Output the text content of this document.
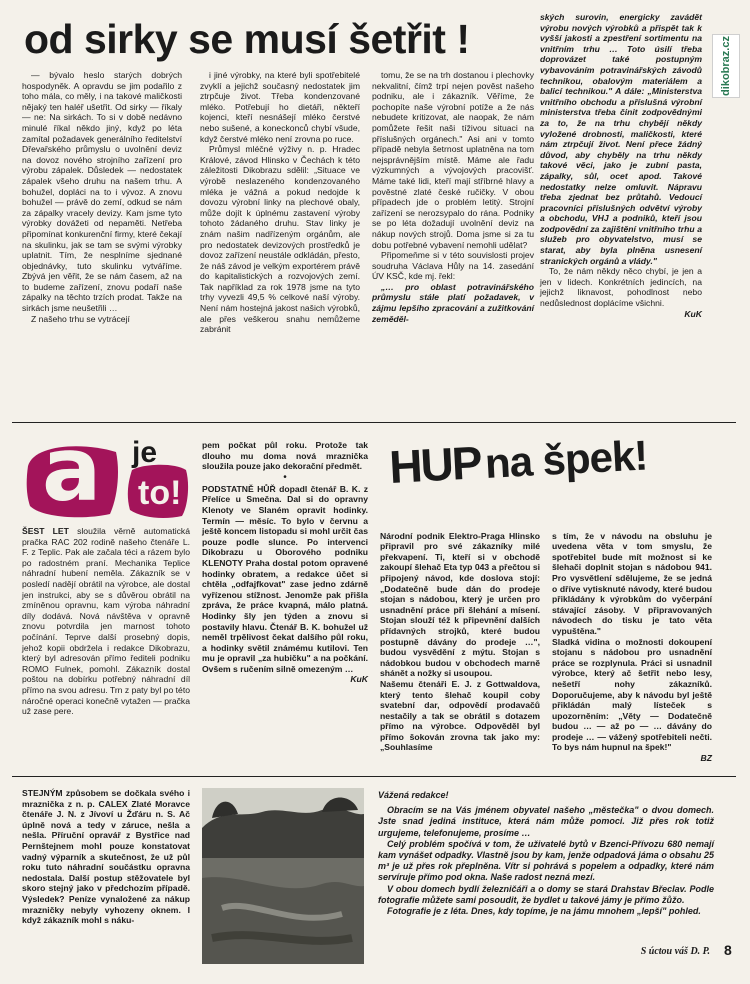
od sirky se musí šetřit !	dikobraz.cz

— bývalo heslo starých dobrých hospodyněk. A opravdu se jim podařilo z toho mála, co měly, i na takové maličkosti nějaký ten haléř ušetřit. Od sirky — říkaly — ne: Na sirkách. To si v době nedávno minulé říkal někdo jiný, když po léta zamítal požadavek generálního ředitelství Dřevařského průmyslu o uvolnění deviz na dovoz nového strojního zařízení pro výrobu zápalek. Důsledek — nedostatek zápalek všeho druhu na našem trhu. A bohužel, dopláci na to i vývoz. A znovu bohužel — právě do zemí, odkud se nám za zápalky vracely devizy. Kam jsme tyto výrobky dovážeti od nepaměti. Netřeba připomínat konkurenční firmy, které čekají na skulinku, jak se tam se svými výrobky uplatnit. Tím, že nesplníme sjednané objednávky, tuto skulinku vytváříme. Zbývá jen věřit, že se nám časem, až na to budeme zařízení, znovu podaří naše zápalky na těchto trzích prodat. Takže na sirkách jsme neušetřili …

Z našeho trhu se vytrácejí

i jiné výrobky, na které byli spotřebitelé zvyklí a jejichž současný nedostatek jim ztrpčuje život. Třeba kondenzované mléko. Potřebují ho dietáři, někteří kojenci, kteří nesnášejí mléko čerstvé nebo sušené, a koneckonců chybí všude, když čerstvé mléko není zrovna po ruce.

Průmysl mléčné výživy n. p. Hradec Králové, závod Hlinsko v Čechách k této záležitosti Dikobrazu sdělil: „Situace ve výrobě neslazeného kondenzovaného mléka je vážná a pokud nedojde k dovozu výrobní linky na plechové obaly, může dojít k úplnému zastavení výroby tohoto žádaného druhu. Stav linky je znám našim nadřízeným orgánům, ale pro nedostatek devizových prostředků je dovoz zařízení neustále odkládán, přesto, že náš závod je velkým exportérem právě do kapitalistických a rozvojových zemí. Tak například za rok 1978 jsme na tyto trhy vyvezli 49,5 % celkové naší výroby. Není nám hostejná jakost našich výrobků, ale přes veškerou snahu nemůžeme zabránit

tomu, že se na trh dostanou i plechovky nekvalitní, čímž trpí nejen pověst našeho podniku, ale i zákazník. Věříme, že pochopíte naše výrobní potíže a že nás nebudete kritizovat, ale naopak, že nám pomůžete řešit naši tíživou situaci na příslušných orgánech." Asi ani v tomto případě nebyla šetrnost uplatněna na tom nejsprávnějším místě. Máme ale řadu výzkumných a vývojových pracovišť. Máme také lidi, kteří mají stříbrné hlavy a pověstné zlaté české ručičky. V obou případech jde o problém letitý. Strojní zařízení se nerozsypalo do rána. Podniky se po léta dožadují uvolnění deviz na nákup nových strojů. Doma jsme si za tu dobu potřebné vybavení nemohli udělat?

Připomeňme si v této souvislosti projev soudruha Václava Hůly na 14. zasedání ÚV KSČ, kde mj. řekl:

„… pro oblast potravinářského průmyslu stále platí požadavek, v zájmu lepšího zpracování a zužitkování zeměděl-

ských surovin, energicky zavádět výrobu nových výrobků a přispět tak k vyšší jakosti a zpestření sortimentu na vnitřním trhu … Toto úsilí třeba doprovázet také postupným vybavováním potravinářských závodů technikou, obalovým materiálem a balicí technikou." A dále: „Ministerstva vnitřního obchodu a příslušná výrobní ministerstva třeba činit zodpovědnými za to, že na trhu chybějí někdy vyložené drobnosti, maličkosti, které nám ztrpčují život. Není přece žádný důvod, aby chyběly na trhu někdy takové věci, jako je zubní pasta, zápalky, sůl, ocet apod. Takové nedostatky nelze omluvit. Nápravu třeba zjednat bez průtahů. Vedoucí pracovníci příslušných odvětví výroby a obchodu, VHJ a podniků, kteří jsou zodpovědní za zajištění vnitřního trhu a služeb pro obyvatelstvo, musí se starat, aby byla plněna usnesení stranických orgánů a vlády."

To, že nám někdy něco chybí, je jen a jen v lidech. Konkrétních jedincích, na jejichž liknavost, pohodlnost nebo nedůslednost doplácíme všichni.

KuK
a je
to!
HUP na špek!
ŠEST LET sloužila věrně automatická pračka RAC 202 rodině našeho čtenáře L. F. z Teplic. Pak ale začala téci a rázem bylo po radostném praní. Mechanika Teplice náhradní hubení neměla. Zákazník se v posledí nadějí obrátil na výrobce, ale dostal jen instrukci, aby se s důvěrou obrátil na zmíněnou opravnu, kam výroba náhradní díly dodává. Nová návštěva v opravně znovu potvrdila jen marnost tohoto počínání. Teprve další prosebný dopis, jehož kopii obdržela i redakce Dikobrazu, který byl adresován přímo řediteli podniku ROMO Fulnek, pomohl. Zákazník dostal poštou na dobírku potřebný náhradní díl přímo na svou adresu. Trn z paty byl po této náročné operaci konečně vytažen — pračka už zase pere.

pem počkat půl roku. Protože tak dlouho mu doma nová mraznička sloužila pouze jako dekorační předmět.

•
PODSTATNĚ HŮŘ dopadl čtenář B. K. z Přelíce u Smečna. Dal si do opravny Klenoty ve Slaném opravit hodinky. Termín — měsíc. To bylo v červnu a ještě koncem listopadu si mohl určit čas pouze podle slunce. Po intervenci Dikobrazu u Oborového podniku KLENOTY Praha dostal potom opravené hodinky obratem, a redakce účet si chtěla „odfajfkovat" zase jedno zdárně vyřízenou stížnost. Jenomže pak přišla zpráva, že práce kvapná, málo platná. Hodinky šly jen týden a znovu si postavily hlavu. Čtenář B. K. bohužel už neměl trpělivost čekat dalšího půl roku, a hodinky světil známému kutilovi. Ten mu je opravil „za hubičku" a na počkání. Ovšem s ručením silně omezeným …
KuK

Národní podnik Elektro-Praga Hlinsko připravil pro své zákazníky milé překvapení. Ti, kteří si v obchodě zakoupí šlehač Eta typ 043 a přečtou si připojený návod, kde doslova stojí: „Dodatečně bude dán do prodeje stojan s nádobou, který je určen pro usnadnění práce při šlehání a mísení. Stojan slouží též k připevnění dalších přídavných strojků, které budou postupně dávány do prodeje …", budou vysvědění z mýtu. Stojan s nádobkou budou v obchodech marně shánět a nožky si usoupou.
Našemu čtenáři E. J. z Gottwaldova, který tento šlehač koupil coby svatební dar, odpovědí prodavačů nestačily a tak se obrátil s dotazem přímo na výrobce. Odpověděl byl přímo šokován zrovna tak jako my: „Souhlasíme

s tím, že v návodu na obsluhu je uvedena věta v tom smyslu, že spotřebitel bude mít možnost si ke šlehači doplnit stojan s nádobou 941. Pro vysvětlení sdělujeme, že se jedná o dříve vytisknuté návody, které budou přikládány k výrobkům do vyčerpání stávající zásoby. V připravovaných návodech do tisku je tato věta vypuštěna."
Sladká vidina o možnosti dokoupení stojanu s nádobou pro usnadnění práce se rozplynula. Práci si usnadnil výrobce, který ač šetřit nebo lesy, nešetří nohy zákazníků. Doporučujeme, aby k návodu byl ještě přikládán malý lísteček s upozorněním: „Věty — Dodatečně budou … — až po — … dávány do prodeje … — vážený spotřebiteli nečti. To bys nám hupnul na špek!"

BZ

STEJNÝM způsobem se dočkala svého i mraznička z n. p. CALEX Zlaté Moravce čtenáře J. N. z Jívoví u Žďáru n. S. Ač úplně nová a tedy v záruce, nešla a nešla. Příruční opravář z Bystřice nad Pernštejnem mohl pouze konstatovat vadný výparník a skutečnost, že už půl roku tuto náhradní součástku opravna nedostala. Další postup stěžovatele byl skoro stejný jako v předchozím případě. Výsledek? Peníze vynaložené za nákup mrazničky nebyly vyhozeny oknem. I když zákazník mohl s náku-
Vážená redakce!

Obracím se na Vás jménem obyvatel našeho „městečka" o dvou domech. Jste snad jediná instituce, která nám může pomoci. Již přes rok totiž urgujeme, telefonujeme, prosíme …

Celý problém spočívá v tom, že uživatelé bytů v Bzenci-Přívozu 680 nemají kam vynášet odpadky. Vlastně jsou by kam, jenže odpadová jáma o obsahu 25 m³ je už přes rok přeplněna. Vítr si pohrává s popelem a odpadky, které nám servíruje přímo pod okna. Naše radost nezná mezí.

V obou domech bydlí železničáři a o domy se stará Drahstav Břeclav. Podle fotografie můžete sami posoudit, že bydlet u takové jámy je přímo žůžo.

Fotografie je z léta. Dnes, kdy topíme, je na jámu mnohem „lepší" pohled.

S úctou váš D. P. 8
